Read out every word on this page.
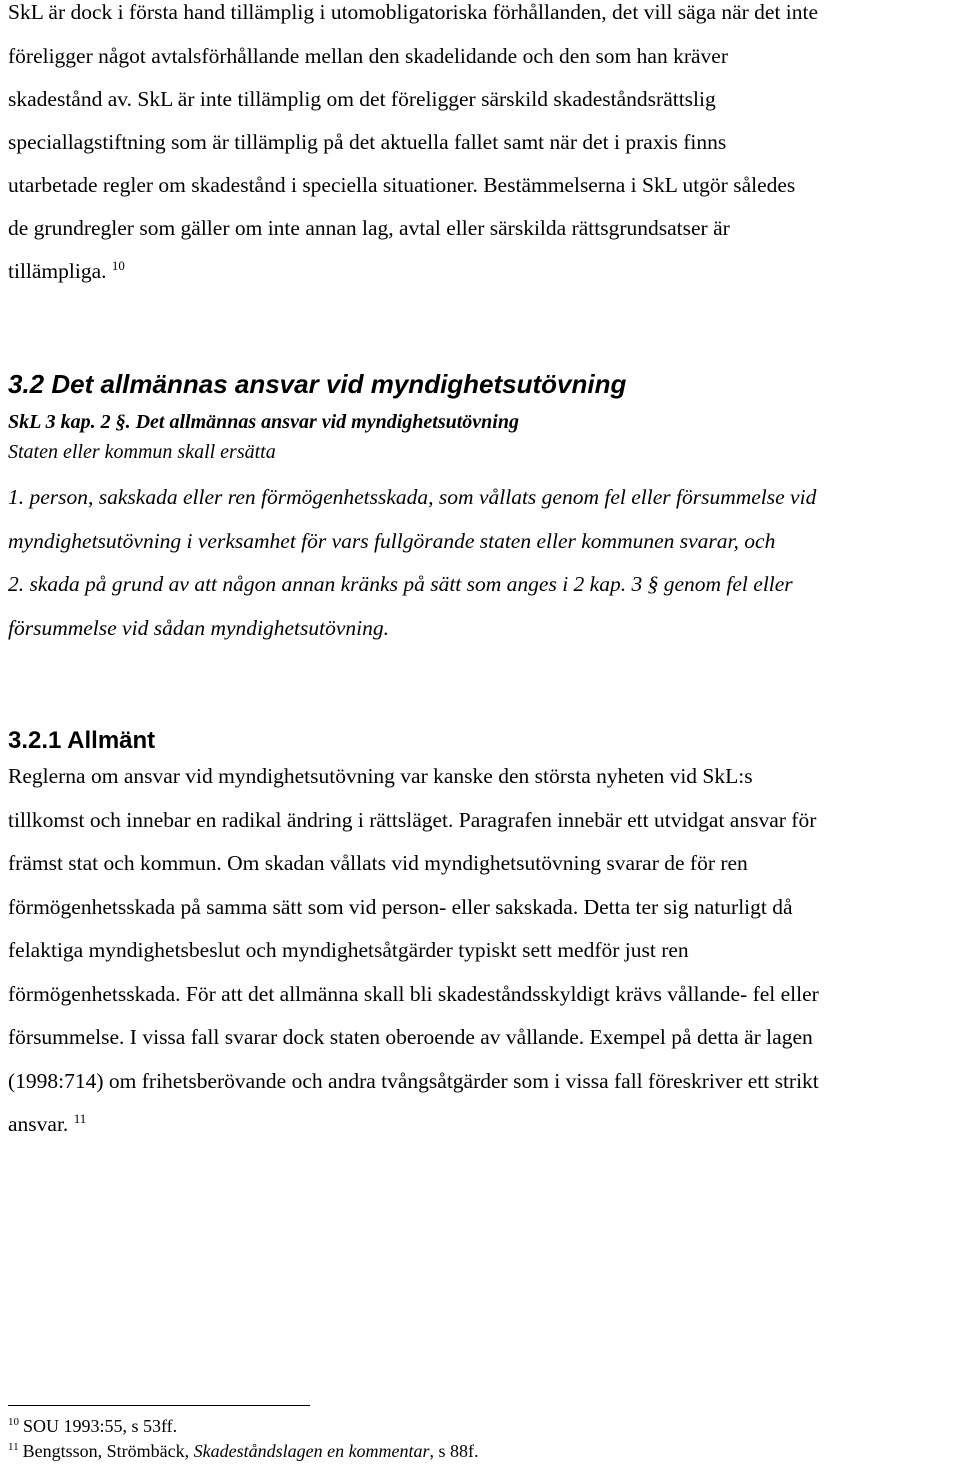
SkL är dock i första hand tillämplig i utomobligatoriska förhållanden, det vill säga när det inte
föreligger något avtalsförhållande mellan den skadelidande och den som han kräver
skadestånd av. SkL är inte tillämplig om det föreligger särskild skadeståndsrättslig
speciallagstiftning som är tillämplig på det aktuella fallet samt när det i praxis finns
utarbetade regler om skadestånd i speciella situationer. Bestämmelserna i SkL utgör således
de grundregler som gäller om inte annan lag, avtal eller särskilda rättsgrundsatser är
tillämpliga. $^{10}$
3.2 Det allmännas ansvar vid myndighetsutövning
SkL 3 kap. 2 §. Det allmännas ansvar vid myndighetsutövning
Staten eller kommun skall ersätta
1. person, sakskada eller ren förmögenhetsskada, som vållats genom fel eller försummelse vid
myndighetsutövning i verksamhet för vars fullgörande staten eller kommunen svarar, och
2. skada på grund av att någon annan kränks på sätt som anges i 2 kap. 3 § genom fel eller
försummelse vid sådan myndighetsutövning.
3.2.1 Allmänt
Reglerna om ansvar vid myndighetsutövning var kanske den största nyheten vid SkL:s
tillkomst och innebar en radikal ändring i rättsläget. Paragrafen innebär ett utvidgat ansvar för
främst stat och kommun. Om skadan vållats vid myndighetsutövning svarar de för ren
förmögenhetsskada på samma sätt som vid person- eller sakskada. Detta ter sig naturligt då
felaktiga myndighetsbeslut och myndighetsåtgärder typiskt sett medför just ren
förmögenhetsskada. För att det allmänna skall bli skadeståndsskyldigt krävs vållande- fel eller
försummelse. I vissa fall svarar dock staten oberoende av vållande. Exempel på detta är lagen
(1998:714) om frihetsberövande och andra tvångsåtgärder som i vissa fall föreskriver ett strikt
ansvar. $^{11}$
$^{10}$ SOU 1993:55, s 53ff.
$^{11}$ Bengtsson, Strömbäck, Skadeståndslagen en kommentar, s 88f.
